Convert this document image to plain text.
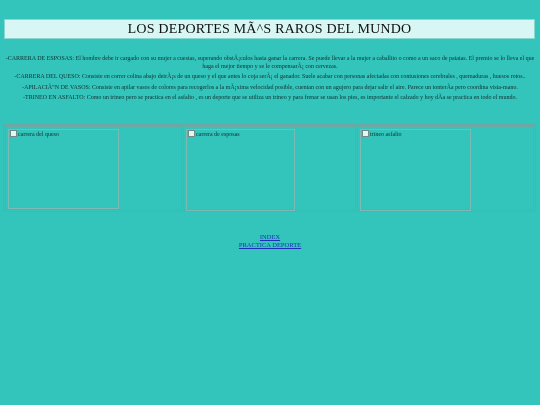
LOS DEPORTES MÃ^S RAROS DEL MUNDO

-CARRERA DE ESPOSAS: El hombre debe ir cargado con su mujer a cuestas, superando obstÃ¡culos hasta ganar la carrera. Se puede llevar a la mujer a caballito o como a un saco de patatas. El premio se lo lleva el que haga el mejor tiempo y se le compensarÃ¡ con cervezas.

-CARRERA DEL QUESO: Consiste en correr colina abajo detrÃ¡s de un queso y el que antes lo coja serÃ¡ el ganador. Suele acabar con personas afectadas con contusiones cerebrales , quemaduras , huesos rotos..

-APILACIÃ“N DE VASOS: Consiste en apilar vasos de colores para recogerlos a la mÃ¡xima velocidad posible, cuentan con un agujero para dejar salir el aire. Parece un tonterÃa pero coordina vista-mano.

-TRINEO EN ASFALTO: Como un trineo pero se practica en el asfalto , es un deporte que se utiliza un trineo y para frenar se usan los pies, es importante el calzado y hoy dÃa se practica en todo el mundo.

carrera del queso	carrera de esposas	trineo asfalto
INDEX
PRACTICA DEPORTE
